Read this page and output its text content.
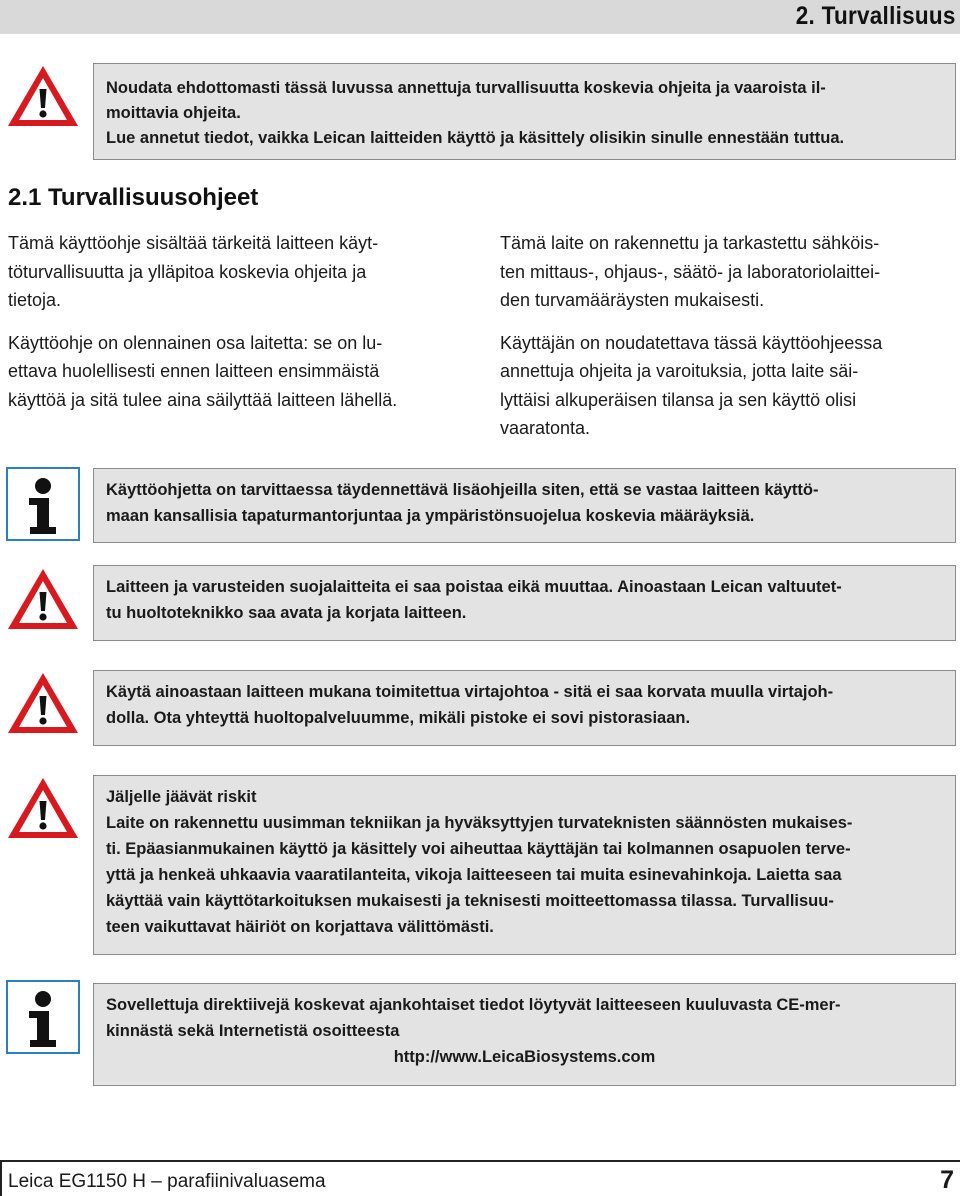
2. Turvallisuus
Noudata ehdottomasti tässä luvussa annettuja turvallisuutta koskevia ohjeita ja vaaroista il-
moittavia ohjeita.
Lue annetut tiedot, vaikka Leican laitteiden käyttö ja käsittely olisikin sinulle ennestään tuttua.
2.1 Turvallisuusohjeet
Tämä käyttöohje sisältää tärkeitä laitteen käyt-
töturvallisuutta ja ylläpitoa koskevia ohjeita ja
tietoja.
Käyttöohje on olennainen osa laitetta: se on lu-
ettava huolellisesti ennen laitteen ensimmäistä
käyttöä ja sitä tulee aina säilyttää laitteen lähellä.
Tämä laite on rakennettu ja tarkastettu sähköis-
ten mittaus-, ohjaus-, säätö- ja laboratoriolaittei-
den turvamääräysten mukaisesti.
Käyttäjän on noudatettava tässä käyttöohjeessa
annettuja ohjeita ja varoituksia, jotta laite säi-
lyttäisi alkuperäisen tilansa ja sen käyttö olisi
vaaratonta.
Käyttöohjetta on tarvittaessa täydennettävä lisäohjeilla siten, että se vastaa laitteen käyttö-
maan kansallisia tapaturmantorjuntaa ja ympäristönsuojelua koskevia määräyksiä.
Laitteen ja varusteiden suojalaitteita ei saa poistaa eikä muuttaa. Ainoastaan Leican valtuutet-
tu huoltoteknikko saa avata ja korjata laitteen.
Käytä ainoastaan laitteen mukana toimitettua virtajohtoa - sitä ei saa korvata muulla virtajoh-
dolla. Ota yhteyttä huoltopalveluumme, mikäli pistoke ei sovi pistorasiaan.
Jäljelle jäävät riskit
Laite on rakennettu uusimman tekniikan ja hyväksyttyjen turvateknisten säännösten mukaises-
ti. Epäasianmukainen käyttö ja käsittely voi aiheuttaa käyttäjän tai kolmannen osapuolen terve-
yttä ja henkeä uhkaavia vaaratilanteita, vikoja laitteeseen tai muita esinevahinkoja. Laietta saa
käyttää vain käyttötarkoituksen mukaisesti ja teknisesti moitteettomassa tilassa. Turvallisuu-
teen vaikuttavat häiriöt on korjattava välittömästi.
Sovellettuja direktiivejä koskevat ajankohtaiset tiedot löytyvät laitteeseen kuuluvasta CE-mer-
kinnästä sekä Internetistä osoitteesta
http://www.LeicaBiosystems.com
Leica EG1150 H – parafiinivaluasema	7
